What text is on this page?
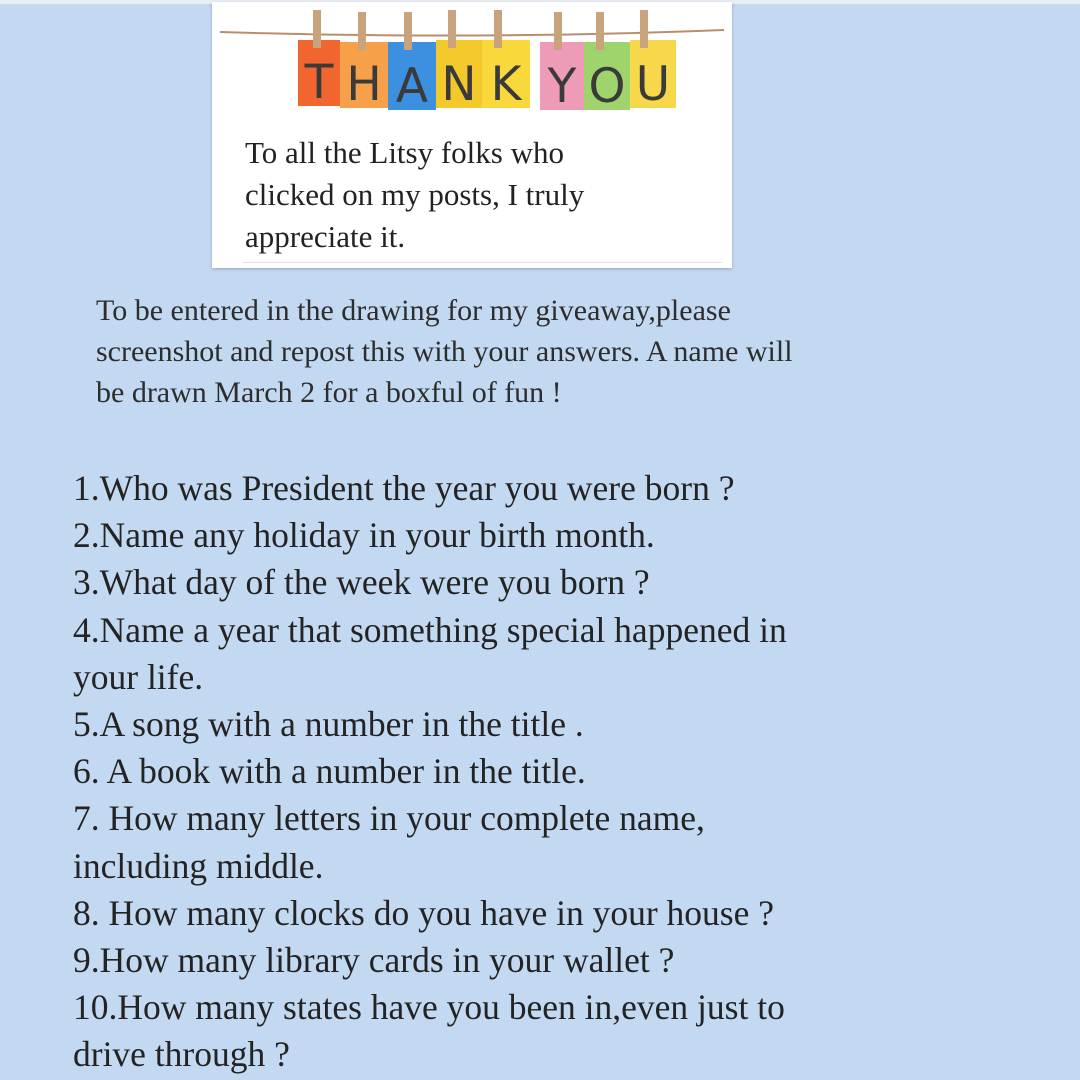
T H A N K Y O U
To all the Litsy folks who
clicked on my posts, I truly
appreciate it.
To be entered in the drawing for my giveaway,please
screenshot and repost this with your answers. A name will
be drawn March 2 for a boxful of fun !
1.Who was President the year you were born ?
2.Name any holiday in your birth month.
3.What day of the week were you born ?
4.Name a year that something special happened in
your life.
5.A song with a number in the title .
6. A book with a number in the title.
7. How many letters in your complete name,
including middle.
8. How many clocks do you have in your house ?
9.How many library cards in your wallet ?
10.How many states have you been in,even just to
drive through ?
